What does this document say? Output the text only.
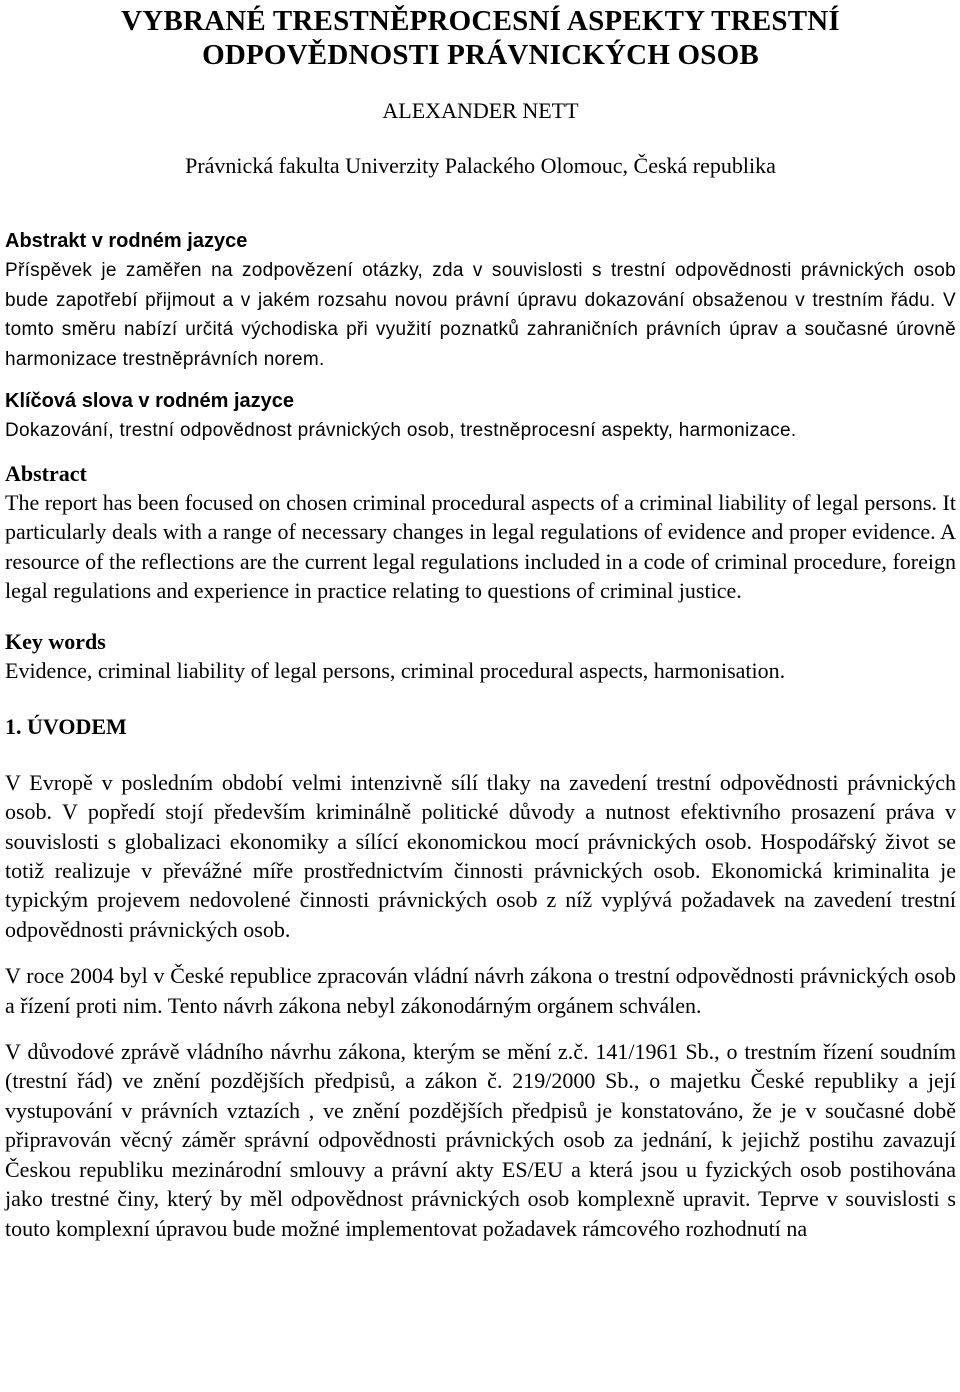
VYBRANÉ TRESTNĚPROCESNÍ ASPEKTY TRESTNÍ
ODPOVĚDNOSTI PRÁVNICKÝCH OSOB
ALEXANDER NETT
Právnická fakulta Univerzity Palackého Olomouc, Česká republika

Abstrakt v rodném jazyce

Příspěvek je zaměřen na zodpovězení otázky, zda v souvislosti s trestní odpovědnosti právnických osob bude zapotřebí přijmout a v jakém rozsahu novou právní úpravu dokazování obsaženou v trestním řádu. V tomto směru nabízí určitá východiska při využití poznatků zahraničních právních úprav a současné úrovně harmonizace trestněprávních norem.

Klíčová slova v rodném jazyce

Dokazování, trestní odpovědnost právnických osob, trestněprocesní aspekty, harmonizace.

Abstract

The report has been focused on chosen criminal procedural aspects of a criminal liability of legal persons. It particularly deals with a range of necessary changes in legal regulations of evidence and proper evidence. A resource of the reflections are the current legal regulations included in a code of criminal procedure, foreign legal regulations and experience in practice relating to questions of criminal justice.

Key words

Evidence, criminal liability of legal persons, criminal procedural aspects, harmonisation.

1. ÚVODEM

V Evropě v posledním období velmi intenzivně sílí tlaky na zavedení trestní odpovědnosti právnických osob. V popředí stojí především kriminálně politické důvody a nutnost efektivního prosazení práva v souvislosti s globalizaci ekonomiky a sílící ekonomickou mocí právnických osob. Hospodářský život se totiž realizuje v převážné míře prostřednictvím činnosti právnických osob. Ekonomická kriminalita je typickým projevem nedovolené činnosti právnických osob z níž vyplývá požadavek na zavedení trestní odpovědnosti právnických osob.

V roce 2004 byl v České republice zpracován vládní návrh zákona o trestní odpovědnosti právnických osob a řízení proti nim. Tento návrh zákona nebyl zákonodárným orgánem schválen.

V důvodové zprávě vládního návrhu zákona, kterým se mění z.č. 141/1961 Sb., o trestním řízení soudním (trestní řád) ve znění pozdějších předpisů, a zákon č. 219/2000 Sb., o majetku České republiky a její vystupování v právních vztazích , ve znění pozdějších předpisů je konstatováno, že je v současné době připravován věcný záměr správní odpovědnosti právnických osob za jednání, k jejichž postihu zavazují Českou republiku mezinárodní smlouvy a právní akty ES/EU a která jsou u fyzických osob postihována jako trestné činy, který by měl odpovědnost právnických osob komplexně upravit. Teprve v souvislosti s touto komplexní úpravou bude možné implementovat požadavek rámcového rozhodnutí na
